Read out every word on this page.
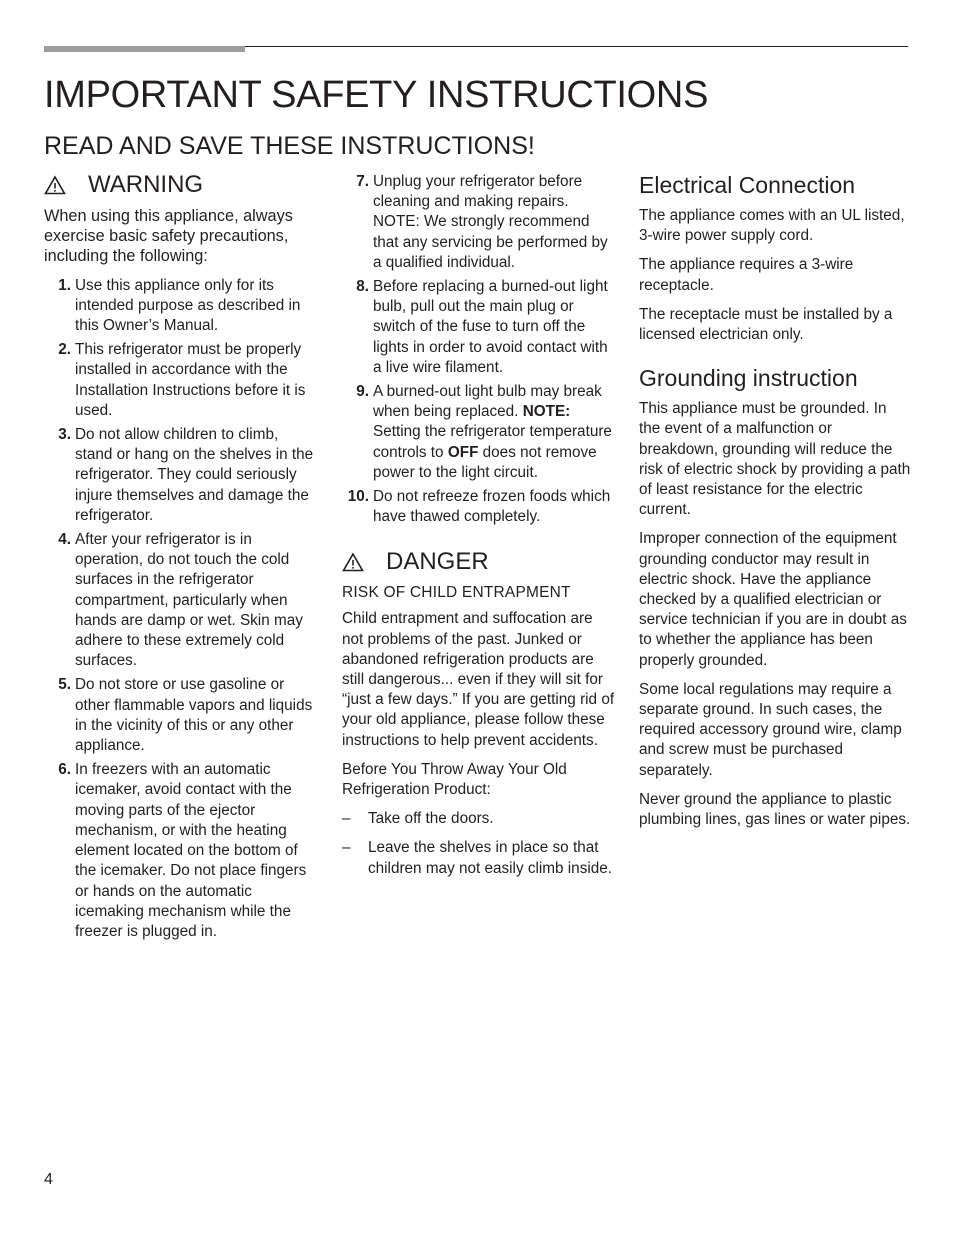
IMPORTANT SAFETY INSTRUCTIONS
READ AND SAVE THESE INSTRUCTIONS!
WARNING

When using this appliance, always exercise basic safety precautions, including the following:

1. Use this appliance only for its intended purpose as described in this Owner’s Manual.
2. This refrigerator must be properly installed in accordance with the Installation Instructions before it is used.
3. Do not allow children to climb, stand or hang on the shelves in the refrigerator. They could seriously injure themselves and damage the refrigerator.
4. After your refrigerator is in operation, do not touch the cold surfaces in the refrigerator compartment, particularly when hands are damp or wet. Skin may adhere to these extremely cold surfaces.
5. Do not store or use gasoline or other flammable vapors and liquids in the vicinity of this or any other appliance.
6. In freezers with an automatic icemaker, avoid contact with the moving parts of the ejector mechanism, or with the heating element located on the bottom of the icemaker. Do not place fingers or hands on the automatic icemaking mechanism while the freezer is plugged in.
7. Unplug your refrigerator before cleaning and making repairs. NOTE: We strongly recommend that any servicing be performed by a qualified individual.
8. Before replacing a burned-out light bulb, pull out the main plug or switch of the fuse to turn off the lights in order to avoid contact with a live wire filament.
9. A burned-out light bulb may break when being replaced. NOTE: Setting the refrigerator temperature controls to OFF does not remove power to the light circuit.
10. Do not refreeze frozen foods which have thawed completely.
DANGER

RISK OF CHILD ENTRAPMENT

Child entrapment and suffocation are not problems of the past. Junked or abandoned refrigeration products are still dangerous... even if they will sit for “just a few days.” If you are getting rid of your old appliance, please follow these instructions to help prevent accidents.

Before You Throw Away Your Old Refrigeration Product:

– Take off the doors.
– Leave the shelves in place so that children may not easily climb inside.
Electrical Connection

The appliance comes with an UL listed, 3-wire power supply cord.

The appliance requires a 3-wire receptacle.

The receptacle must be installed by a licensed electrician only.

Grounding instruction

This appliance must be grounded. In the event of a malfunction or breakdown, grounding will reduce the risk of electric shock by providing a path of least resistance for the electric current.

Improper connection of the equipment grounding conductor may result in electric shock. Have the appliance checked by a qualified electrician or service technician if you are in doubt as to whether the appliance has been properly grounded.

Some local regulations may require a separate ground. In such cases, the required accessory ground wire, clamp and screw must be purchased separately.

Never ground the appliance to plastic plumbing lines, gas lines or water pipes.

4
